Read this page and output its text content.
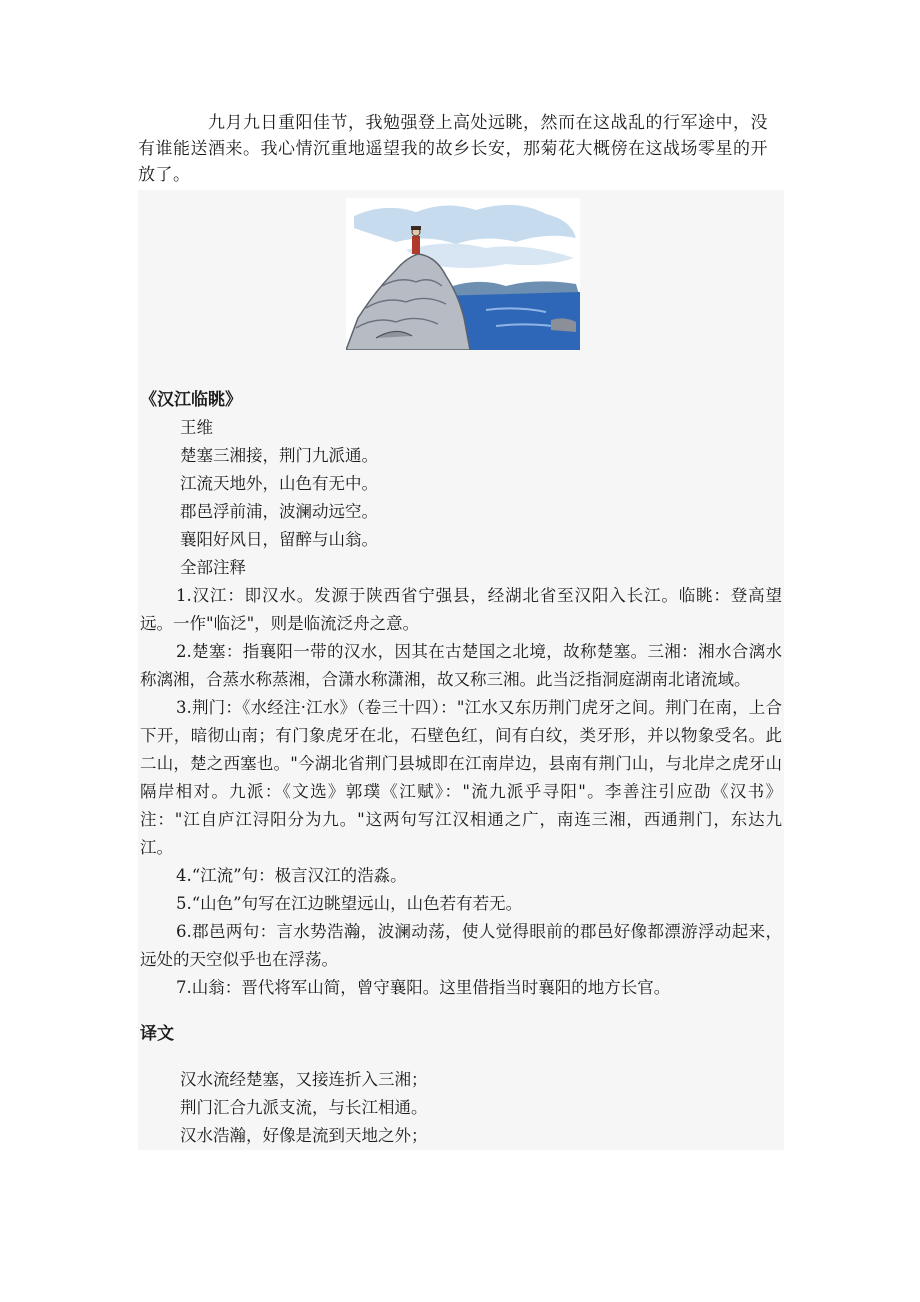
九月九日重阳佳节，我勉强登上高处远眺，然而在这战乱的行军途中，没有谁能送酒来。我心情沉重地遥望我的故乡长安，那菊花大概傍在这战场零星的开放了。

《汉江临眺》

王维

楚塞三湘接，荆门九派通。

江流天地外，山色有无中。

郡邑浮前浦，波澜动远空。

襄阳好风日，留醉与山翁。

全部注释

1.汉江：即汉水。发源于陕西省宁强县，经湖北省至汉阳入长江。临眺：登高望远。一作"临泛"，则是临流泛舟之意。

2.楚塞：指襄阳一带的汉水，因其在古楚国之北境，故称楚塞。三湘：湘水合漓水称漓湘，合蒸水称蒸湘，合潇水称潇湘，故又称三湘。此当泛指洞庭湖南北诸流域。

3.荆门：《水经注·江水》（卷三十四）："江水又东历荆门虎牙之间。荆门在南，上合下开，暗彻山南；有门象虎牙在北，石壁色红，间有白纹，类牙形，并以物象受名。此二山，楚之西塞也。"今湖北省荆门县城即在江南岸边，县南有荆门山，与北岸之虎牙山隔岸相对。九派：《文选》郭璞《江赋》："流九派乎寻阳"。李善注引应劭《汉书》注："江自庐江浔阳分为九。"这两句写江汉相通之广，南连三湘，西通荆门，东达九江。

4.“江流”句：极言汉江的浩淼。

5.“山色”句写在江边眺望远山，山色若有若无。

6.郡邑两句：言水势浩瀚，波澜动荡，使人觉得眼前的郡邑好像都漂游浮动起来，远处的天空似乎也在浮荡。

7.山翁：晋代将军山简，曾守襄阳。这里借指当时襄阳的地方长官。

译文

汉水流经楚塞，又接连折入三湘；

荆门汇合九派支流，与长江相通。

汉水浩瀚，好像是流到天地之外；
